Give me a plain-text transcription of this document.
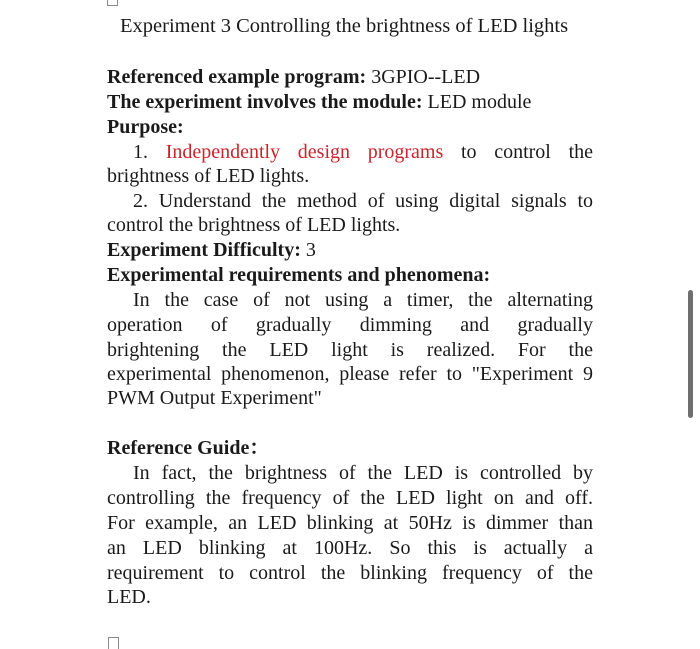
Experiment 3 Controlling the brightness of LED lights
Referenced example program: 3GPIO--LED
The experiment involves the module: LED module
Purpose:
1. Independently design programs to control the
brightness of LED lights.
2. Understand the method of using digital signals to
control the brightness of LED lights.
Experiment Difficulty: 3
Experimental requirements and phenomena:
In the case of not using a timer, the alternating
operation of gradually dimming and gradually
brightening the LED light is realized. For the
experimental phenomenon, please refer to "Experiment 9
PWM Output Experiment"
Reference Guide：
In fact, the brightness of the LED is controlled by
controlling the frequency of the LED light on and off.
For example, an LED blinking at 50Hz is dimmer than
an LED blinking at 100Hz. So this is actually a
requirement to control the blinking frequency of the
LED.
